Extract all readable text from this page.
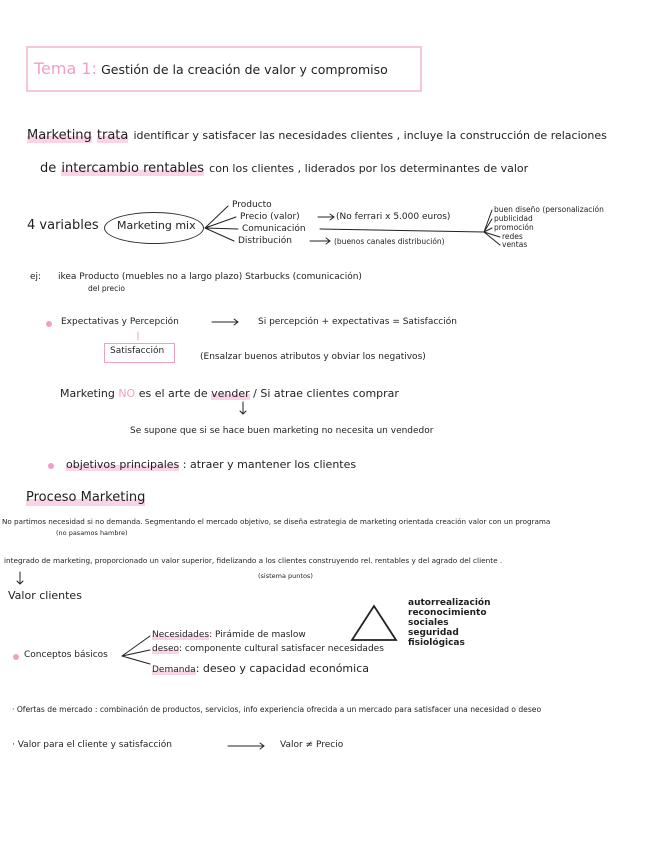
Tema 1: Gestión de la creación de valor y compromiso
Marketing trata identificar y satisfacer las necesidades clientes , incluye la construcción de relaciones
de intercambio rentables con los clientes , liderados por los determinantes de valor
4 variables Marketing mix
Producto
Precio (valor)	(No ferrari x 5.000 euros)
Comunicación
Distribución	(buenos canales distribución)
buen diseño (personalización
publicidad
promoción
redes
ventas
ej: ikea Producto (muebles no a largo plazo) Starbucks (comunicación)
del precio
Expectativas y Percepción	Si percepción + expectativas = Satisfacción
Satisfacción
(Ensalzar buenos atributos y obviar los negativos)
Marketing NO es el arte de vender / Si atrae clientes comprar
Se supone que si se hace buen marketing no necesita un vendedor
objetivos principales : atraer y mantener los clientes
Proceso Marketing
No partimos necesidad si no demanda. Segmentando el mercado objetivo, se diseña estrategia de marketing orientada creación valor con un programa
(no pasamos hambre)
integrado de marketing, proporcionado un valor superior, fidelizando a los clientes construyendo rel. rentables y del agrado del cliente .
(sistema puntos)
Valor clientes
Conceptos básicos
Necesidades: Pirámide de maslow
deseo: componente cultural satisfacer necesidades
Demanda: deseo y capacidad económica
autorrealización
reconocimiento
sociales
seguridad
fisiológicas
· Ofertas de mercado : combinación de productos, servicios, info experiencia ofrecida a un mercado para satisfacer una necesidad o deseo
· Valor para el cliente y satisfacción	Valor ≠ Precio
